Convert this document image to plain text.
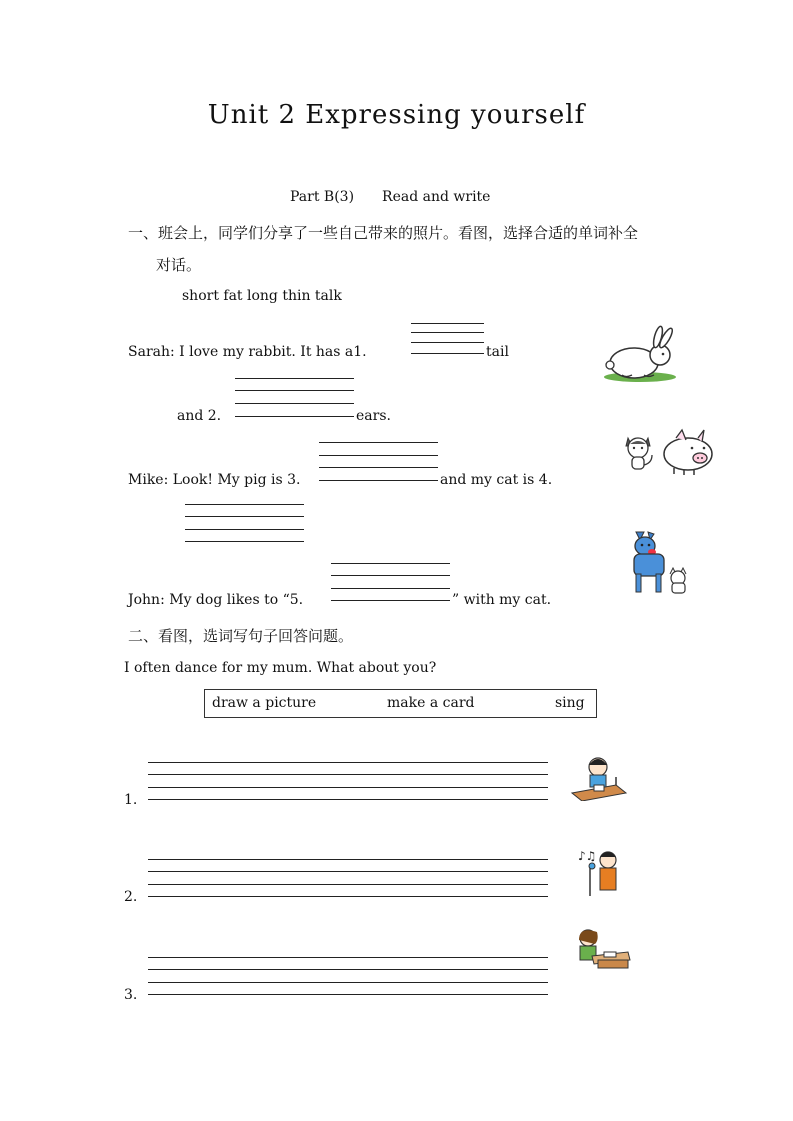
Unit 2 Expressing yourself
Part B(3) Read and write
一、班会上，同学们分享了一些自己带来的照片。看图，选择合适的单词补全
对话。
short fat long thin talk
Sarah: I love my rabbit. It has a1.	tail
and 2.	ears.
Mike: Look! My pig is 3.	and my cat is 4.
John: My dog likes to “5.	” with my cat.
二、看图，选词写句子回答问题。
I often dance for my mum. What about you?
draw a picture	make a card	sing
1.
2.
3.
♪♫
